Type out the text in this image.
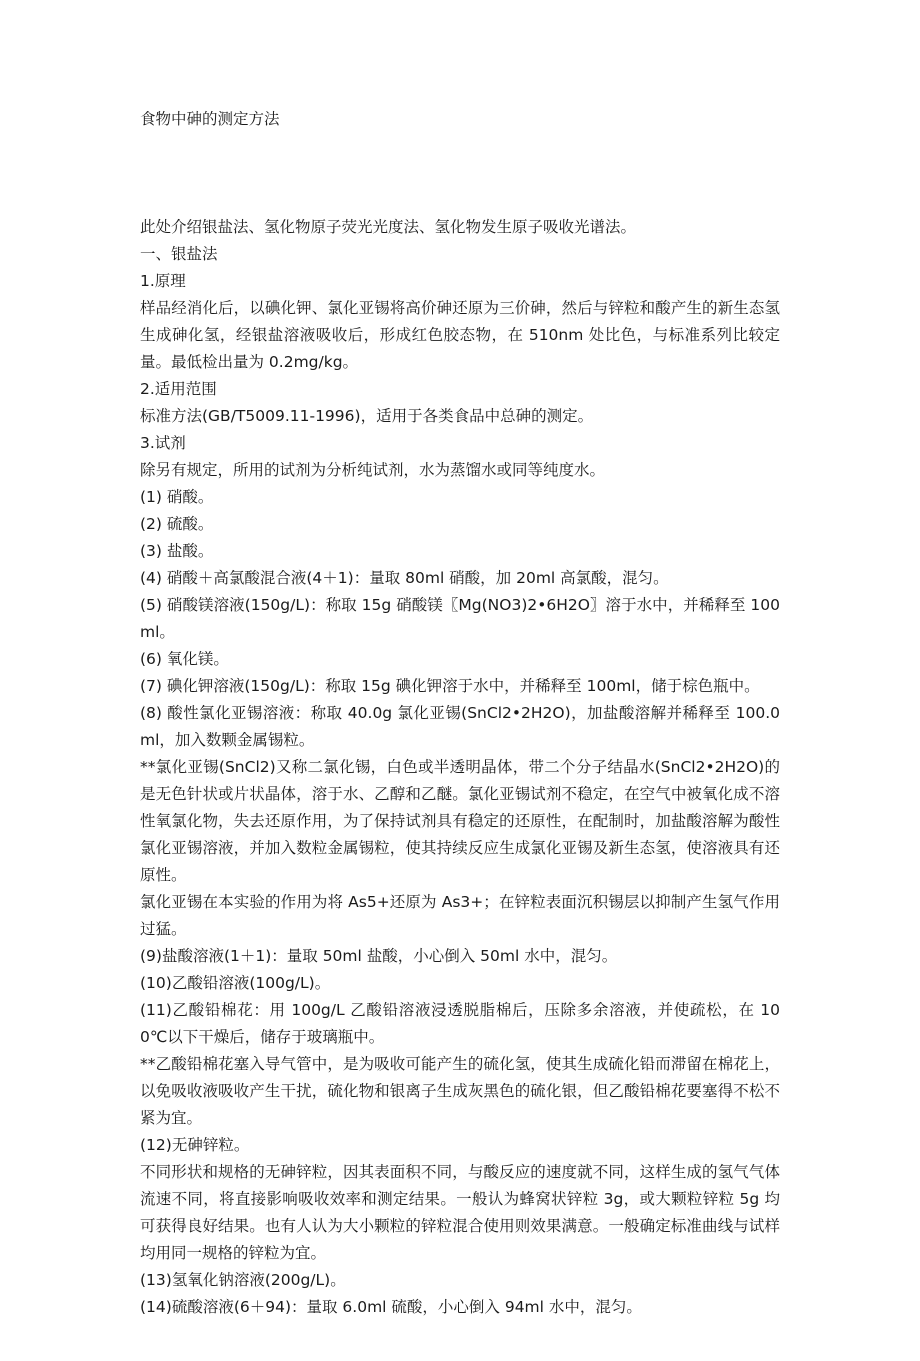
食物中砷的测定方法

此处介绍银盐法、氢化物原子荧光光度法、氢化物发生原子吸收光谱法。

一、银盐法

1.原理

样品经消化后，以碘化钾、氯化亚锡将高价砷还原为三价砷，然后与锌粒和酸产生的新生态氢生成砷化氢，经银盐溶液吸收后，形成红色胶态物，在 510nm 处比色，与标准系列比较定量。最低检出量为 0.2mg/kg。

2.适用范围

标准方法(GB/T5009.11-1996)，适用于各类食品中总砷的测定。

3.试剂

除另有规定，所用的试剂为分析纯试剂，水为蒸馏水或同等纯度水。

(1) 硝酸。

(2) 硫酸。

(3) 盐酸。

(4) 硝酸＋高氯酸混合液(4＋1)：量取 80ml 硝酸，加 20ml 高氯酸，混匀。

(5) 硝酸镁溶液(150g/L)：称取 15g 硝酸镁〖Mg(NO3)2•6H2O〗溶于水中，并稀释至 100ml。

(6) 氧化镁。

(7) 碘化钾溶液(150g/L)：称取 15g 碘化钾溶于水中，并稀释至 100ml，储于棕色瓶中。

(8) 酸性氯化亚锡溶液：称取 40.0g 氯化亚锡(SnCl2•2H2O)，加盐酸溶解并稀释至 100.0ml，加入数颗金属锡粒。

**氯化亚锡(SnCl2)又称二氯化锡，白色或半透明晶体，带二个分子结晶水(SnCl2•2H2O)的是无色针状或片状晶体，溶于水、乙醇和乙醚。氯化亚锡试剂不稳定，在空气中被氧化成不溶性氧氯化物，失去还原作用，为了保持试剂具有稳定的还原性，在配制时，加盐酸溶解为酸性氯化亚锡溶液，并加入数粒金属锡粒，使其持续反应生成氯化亚锡及新生态氢，使溶液具有还原性。

氯化亚锡在本实验的作用为将 As5+还原为 As3+；在锌粒表面沉积锡层以抑制产生氢气作用过猛。

(9)盐酸溶液(1＋1)：量取 50ml 盐酸，小心倒入 50ml 水中，混匀。

(10)乙酸铅溶液(100g/L)。

(11)乙酸铅棉花：用 100g/L 乙酸铅溶液浸透脱脂棉后，压除多余溶液，并使疏松，在 100℃以下干燥后，储存于玻璃瓶中。

**乙酸铅棉花塞入导气管中，是为吸收可能产生的硫化氢，使其生成硫化铅而滞留在棉花上，以免吸收液吸收产生干扰，硫化物和银离子生成灰黑色的硫化银，但乙酸铅棉花要塞得不松不紧为宜。

(12)无砷锌粒。

不同形状和规格的无砷锌粒，因其表面积不同，与酸反应的速度就不同，这样生成的氢气气体流速不同，将直接影响吸收效率和测定结果。一般认为蜂窝状锌粒 3g，或大颗粒锌粒 5g 均可获得良好结果。也有人认为大小颗粒的锌粒混合使用则效果满意。一般确定标准曲线与试样均用同一规格的锌粒为宜。

(13)氢氧化钠溶液(200g/L)。

(14)硫酸溶液(6＋94)：量取 6.0ml 硫酸，小心倒入 94ml 水中，混匀。
